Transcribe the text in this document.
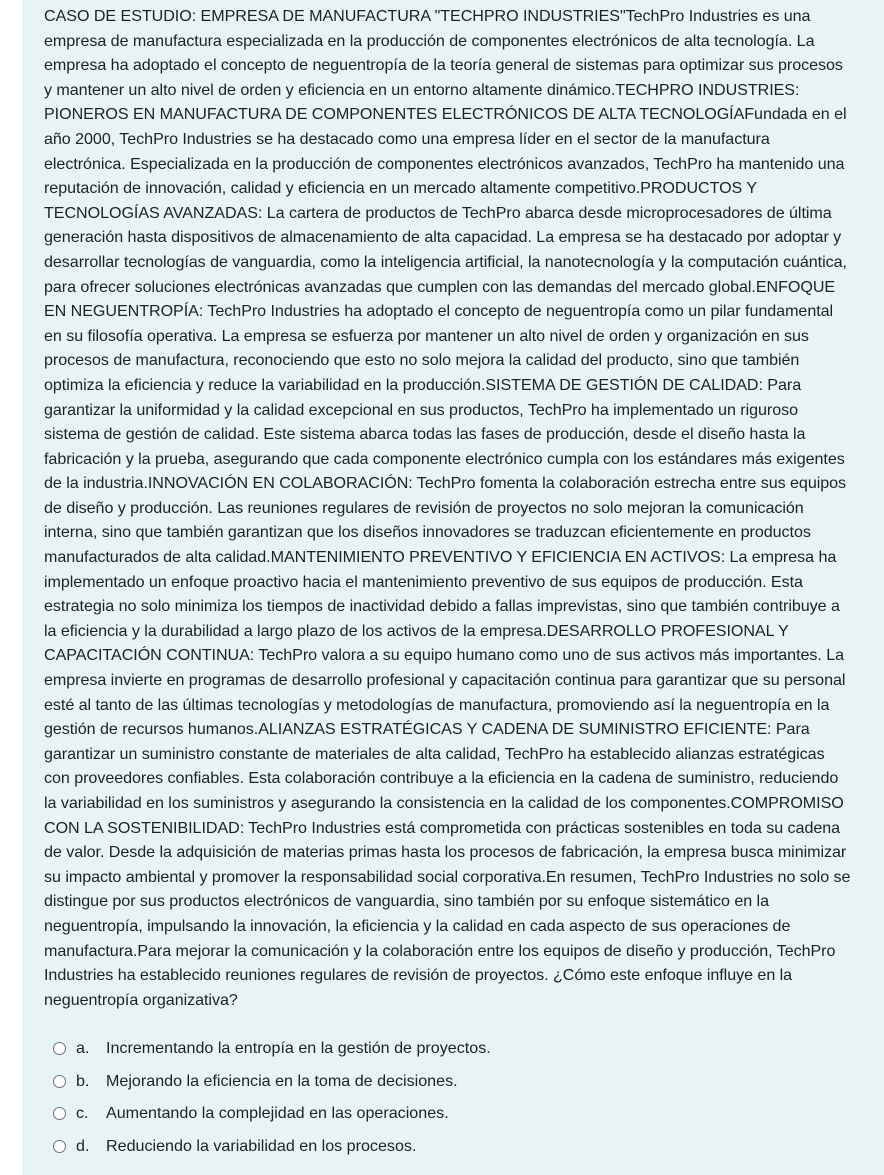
CASO DE ESTUDIO: EMPRESA DE MANUFACTURA "TECHPRO INDUSTRIES"TechPro Industries es una empresa de manufactura especializada en la producción de componentes electrónicos de alta tecnología. La empresa ha adoptado el concepto de neguentropía de la teoría general de sistemas para optimizar sus procesos y mantener un alto nivel de orden y eficiencia en un entorno altamente dinámico.TECHPRO INDUSTRIES: PIONEROS EN MANUFACTURA DE COMPONENTES ELECTRÓNICOS DE ALTA TECNOLOGÍAFundada en el año 2000, TechPro Industries se ha destacado como una empresa líder en el sector de la manufactura electrónica. Especializada en la producción de componentes electrónicos avanzados, TechPro ha mantenido una reputación de innovación, calidad y eficiencia en un mercado altamente competitivo.PRODUCTOS Y TECNOLOGÍAS AVANZADAS: La cartera de productos de TechPro abarca desde microprocesadores de última generación hasta dispositivos de almacenamiento de alta capacidad. La empresa se ha destacado por adoptar y desarrollar tecnologías de vanguardia, como la inteligencia artificial, la nanotecnología y la computación cuántica, para ofrecer soluciones electrónicas avanzadas que cumplen con las demandas del mercado global.ENFOQUE EN NEGUENTROPÍA: TechPro Industries ha adoptado el concepto de neguentropía como un pilar fundamental en su filosofía operativa. La empresa se esfuerza por mantener un alto nivel de orden y organización en sus procesos de manufactura, reconociendo que esto no solo mejora la calidad del producto, sino que también optimiza la eficiencia y reduce la variabilidad en la producción.SISTEMA DE GESTIÓN DE CALIDAD: Para garantizar la uniformidad y la calidad excepcional en sus productos, TechPro ha implementado un riguroso sistema de gestión de calidad. Este sistema abarca todas las fases de producción, desde el diseño hasta la fabricación y la prueba, asegurando que cada componente electrónico cumpla con los estándares más exigentes de la industria.INNOVACIÓN EN COLABORACIÓN: TechPro fomenta la colaboración estrecha entre sus equipos de diseño y producción. Las reuniones regulares de revisión de proyectos no solo mejoran la comunicación interna, sino que también garantizan que los diseños innovadores se traduzcan eficientemente en productos manufacturados de alta calidad.MANTENIMIENTO PREVENTIVO Y EFICIENCIA EN ACTIVOS: La empresa ha implementado un enfoque proactivo hacia el mantenimiento preventivo de sus equipos de producción. Esta estrategia no solo minimiza los tiempos de inactividad debido a fallas imprevistas, sino que también contribuye a la eficiencia y la durabilidad a largo plazo de los activos de la empresa.DESARROLLO PROFESIONAL Y CAPACITACIÓN CONTINUA: TechPro valora a su equipo humano como uno de sus activos más importantes. La empresa invierte en programas de desarrollo profesional y capacitación continua para garantizar que su personal esté al tanto de las últimas tecnologías y metodologías de manufactura, promoviendo así la neguentropía en la gestión de recursos humanos.ALIANZAS ESTRATÉGICAS Y CADENA DE SUMINISTRO EFICIENTE: Para garantizar un suministro constante de materiales de alta calidad, TechPro ha establecido alianzas estratégicas con proveedores confiables. Esta colaboración contribuye a la eficiencia en la cadena de suministro, reduciendo la variabilidad en los suministros y asegurando la consistencia en la calidad de los componentes.COMPROMISO CON LA SOSTENIBILIDAD: TechPro Industries está comprometida con prácticas sostenibles en toda su cadena de valor. Desde la adquisición de materias primas hasta los procesos de fabricación, la empresa busca minimizar su impacto ambiental y promover la responsabilidad social corporativa.En resumen, TechPro Industries no solo se distingue por sus productos electrónicos de vanguardia, sino también por su enfoque sistemático en la neguentropía, impulsando la innovación, la eficiencia y la calidad en cada aspecto de sus operaciones de manufactura.Para mejorar la comunicación y la colaboración entre los equipos de diseño y producción, TechPro Industries ha establecido reuniones regulares de revisión de proyectos. ¿Cómo este enfoque influye en la neguentropía organizativa?

a.	Incrementando la entropía en la gestión de proyectos.
b.	Mejorando la eficiencia en la toma de decisiones.
c.	Aumentando la complejidad en las operaciones.
d.	Reduciendo la variabilidad en los procesos.
